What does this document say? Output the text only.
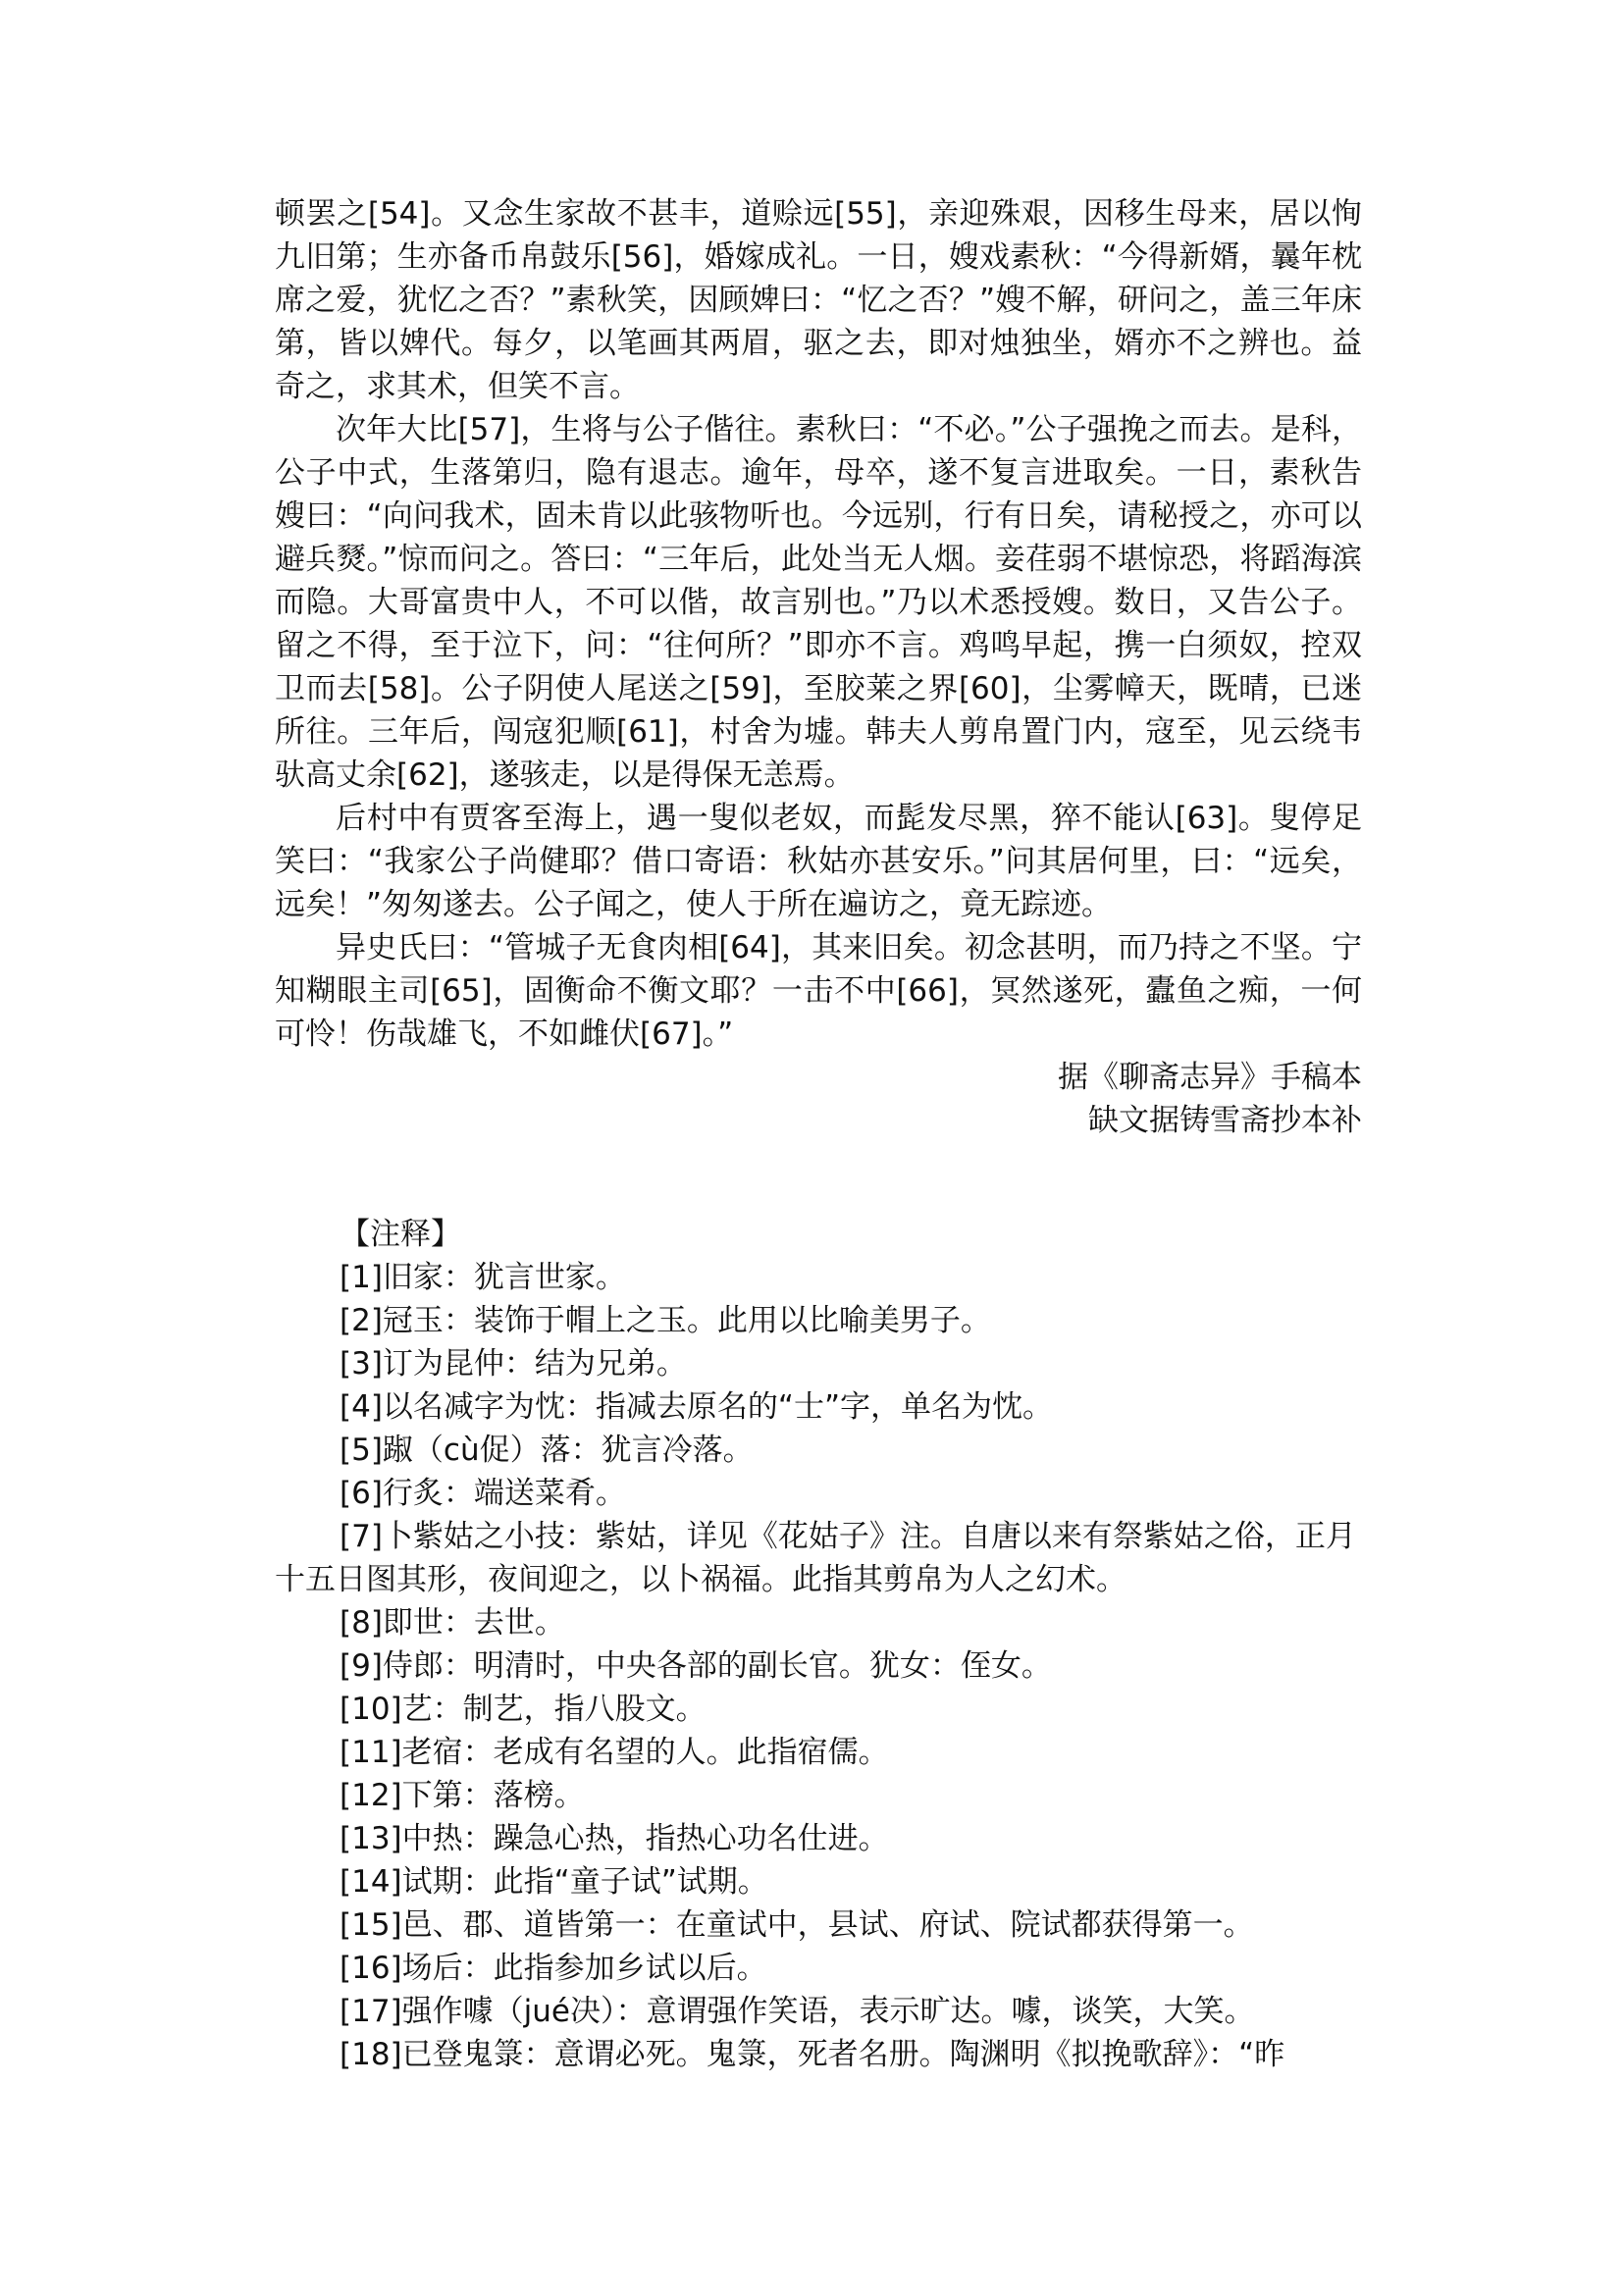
顿罢之[54]。又念生家故不甚丰，道赊远[55]，亲迎殊艰，因移生母来，居以恂九旧第；生亦备币帛鼓乐[56]，婚嫁成礼。一日，嫂戏素秋：“今得新婿，曩年枕席之爱，犹忆之否？”素秋笑，因顾婢曰：“忆之否？”嫂不解，研问之，盖三年床第，皆以婢代。每夕，以笔画其两眉，驱之去，即对烛独坐，婿亦不之辨也。益奇之，求其术，但笑不言。

次年大比[57]，生将与公子偕往。素秋曰：“不必。”公子强挽之而去。是科，公子中式，生落第归，隐有退志。逾年，母卒，遂不复言进取矣。一日，素秋告嫂曰：“向问我术，固未肯以此骇物听也。今远别，行有日矣，请秘授之，亦可以避兵燹。”惊而问之。答曰：“三年后，此处当无人烟。妾荏弱不堪惊恐，将蹈海滨而隐。大哥富贵中人，不可以偕，故言别也。”乃以术悉授嫂。数日，又告公子。留之不得，至于泣下，问：“往何所？”即亦不言。鸡鸣早起，携一白须奴，控双卫而去[58]。公子阴使人尾送之[59]，至胶莱之界[60]，尘雾幛天，既晴，已迷所往。三年后，闯寇犯顺[61]，村舍为墟。韩夫人剪帛置门内，寇至，见云绕韦驮高丈余[62]，遂骇走，以是得保无恙焉。

后村中有贾客至海上，遇一叟似老奴，而髭发尽黑，猝不能认[63]。叟停足笑曰：“我家公子尚健耶？借口寄语：秋姑亦甚安乐。”问其居何里，曰：“远矣，远矣！”匆匆遂去。公子闻之，使人于所在遍访之，竟无踪迹。

异史氏曰：“管城子无食肉相[64]，其来旧矣。初念甚明，而乃持之不坚。宁知糊眼主司[65]，固衡命不衡文耶？一击不中[66]，冥然遂死，蠹鱼之痴，一何可怜！伤哉雄飞，不如雌伏[67]。”

据《聊斋志异》手稿本

缺文据铸雪斋抄本补

【注释】

[1]旧家：犹言世家。

[2]冠玉：装饰于帽上之玉。此用以比喻美男子。

[3]订为昆仲：结为兄弟。

[4]以名减字为忱：指减去原名的“士”字，单名为忱。

[5]踧（cù促）落：犹言冷落。

[6]行炙：端送菜肴。

[7]卜紫姑之小技：紫姑，详见《花姑子》注。自唐以来有祭紫姑之俗，正月十五日图其形，夜间迎之，以卜祸福。此指其剪帛为人之幻术。

[8]即世：去世。

[9]侍郎：明清时，中央各部的副长官。犹女：侄女。

[10]艺：制艺，指八股文。

[11]老宿：老成有名望的人。此指宿儒。

[12]下第：落榜。

[13]中热：躁急心热，指热心功名仕进。

[14]试期：此指“童子试”试期。

[15]邑、郡、道皆第一：在童试中，县试、府试、院试都获得第一。

[16]场后：此指参加乡试以后。

[17]强作噱（jué决）：意谓强作笑语，表示旷达。噱，谈笑，大笑。

[18]已登鬼箓：意谓必死。鬼箓，死者名册。陶渊明《拟挽歌辞》：“昨
